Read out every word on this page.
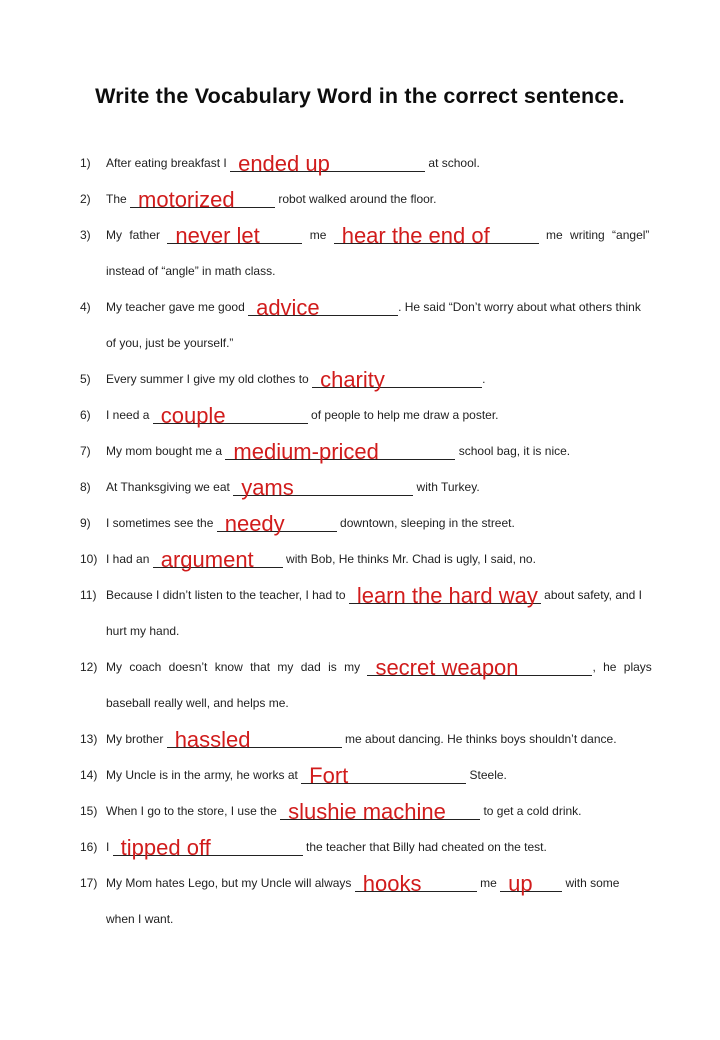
Write the Vocabulary Word in the correct sentence.
1)	After eating breakfast I ended up	at school.
2)	The motorized	robot walked around the floor.
3)	My father never let	me hear the end of	me writing “angel”
instead of “angle” in math class.
4)	My teacher gave me good advice	. He said “Don’t worry about what others think
of you, just be yourself.”
5)	Every summer I give my old clothes to charity	.
6)	I need a couple	of people to help me draw a poster.
7)	My mom bought me a medium-priced	school bag, it is nice.
8)	At Thanksgiving we eat yams	with Turkey.
9)	I sometimes see the needy	downtown, sleeping in the street.
10) I had an argument with Bob, He thinks Mr. Chad is ugly, I said, no.
11) Because I didn’t listen to the teacher, I had to learn the hard way about safety, and I
hurt my hand.
12) My coach doesn’t know that my dad is my secret weapon	, he plays
baseball really well, and helps me.
13) My brother hassled	me about dancing. He thinks boys shouldn’t dance.
14) My Uncle is in the army, he works at Fort	Steele.
15) When I go to the store, I use the slushie machine	to get a cold drink.
16) I tipped off	the teacher that Billy had cheated on the test.
17) My Mom hates Lego, but my Uncle will always hooks	me up with some
when I want.
